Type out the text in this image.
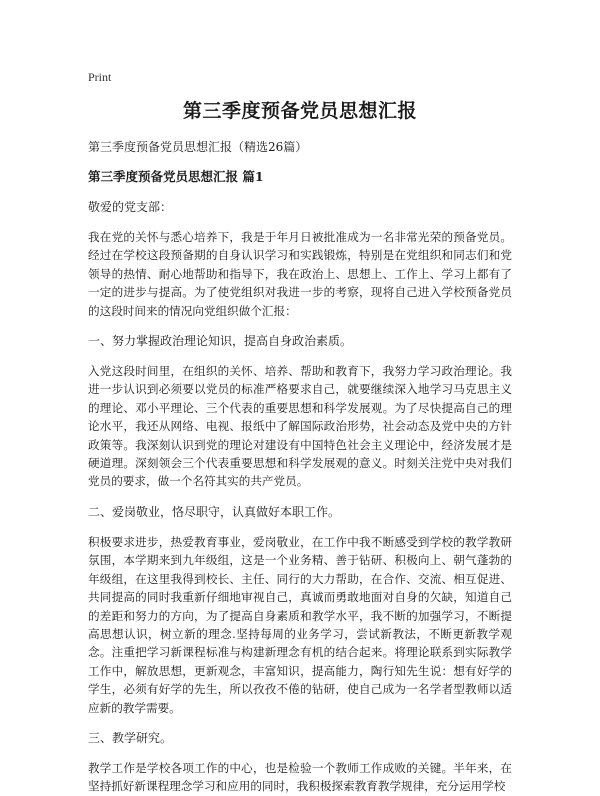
Print
第三季度预备党员思想汇报
第三季度预备党员思想汇报（精选26篇）
第三季度预备党员思想汇报 篇1
敬爱的党支部：

我在党的关怀与悉心培养下，我是于年月日被批准成为一名非常光荣的预备党员。经过在学校这段预备期的自身认识学习和实践锻炼，特别是在党组织和同志们和党领导的热情、耐心地帮助和指导下，我在政治上、思想上、工作上、学习上都有了一定的进步与提高。为了使党组织对我进一步的考察，现将自己进入学校预备党员的这段时间来的情况向党组织做个汇报：

一、努力掌握政治理论知识，提高自身政治素质。

入党这段时间里，在组织的关怀、培养、帮助和教育下，我努力学习政治理论。我进一步认识到必须要以党员的标准严格要求自己，就要继续深入地学习马克思主义的理论、邓小平理论、三个代表的重要思想和科学发展观。为了尽快提高自己的理论水平，我还从网络、电视、报纸中了解国际政治形势，社会动态及党中央的方针政策等。我深刻认识到党的理论对建设有中国特色社会主义理论中，经济发展才是硬道理。深刻领会三个代表重要思想和科学发展观的意义。时刻关注党中央对我们党员的要求，做一个名符其实的共产党员。

二、爱岗敬业，恪尽职守，认真做好本职工作。

积极要求进步，热爱教育事业，爱岗敬业，在工作中我不断感受到学校的教学教研氛围，本学期来到九年级组，这是一个业务精、善于钻研、积极向上、朝气蓬勃的年级组，在这里我得到校长、主任、同行的大力帮助，在合作、交流、相互促进、共同提高的同时我重新仔细地审视自己，真诚而勇敢地面对自身的欠缺，知道自己的差距和努力的方向，为了提高自身素质和教学水平，我不断的加强学习，不断提高思想认识，树立新的理念.坚持每周的业务学习，尝试新教法，不断更新教学观念。注重把学习新课程标准与构建新理念有机的结合起来。将理论联系到实际教学工作中，解放思想，更新观念，丰富知识，提高能力，陶行知先生说：想有好学的学生，必须有好学的先生，所以孜孜不倦的钻研，使自己成为一名学者型教师以适应新的教学需要。

三、教学研究。

教学工作是学校各项工作的中心，也是检验一个教师工作成败的关键。半年来，在坚持抓好新课程理念学习和应用的同时，我积极探索教育教学规律，充分运用学校
